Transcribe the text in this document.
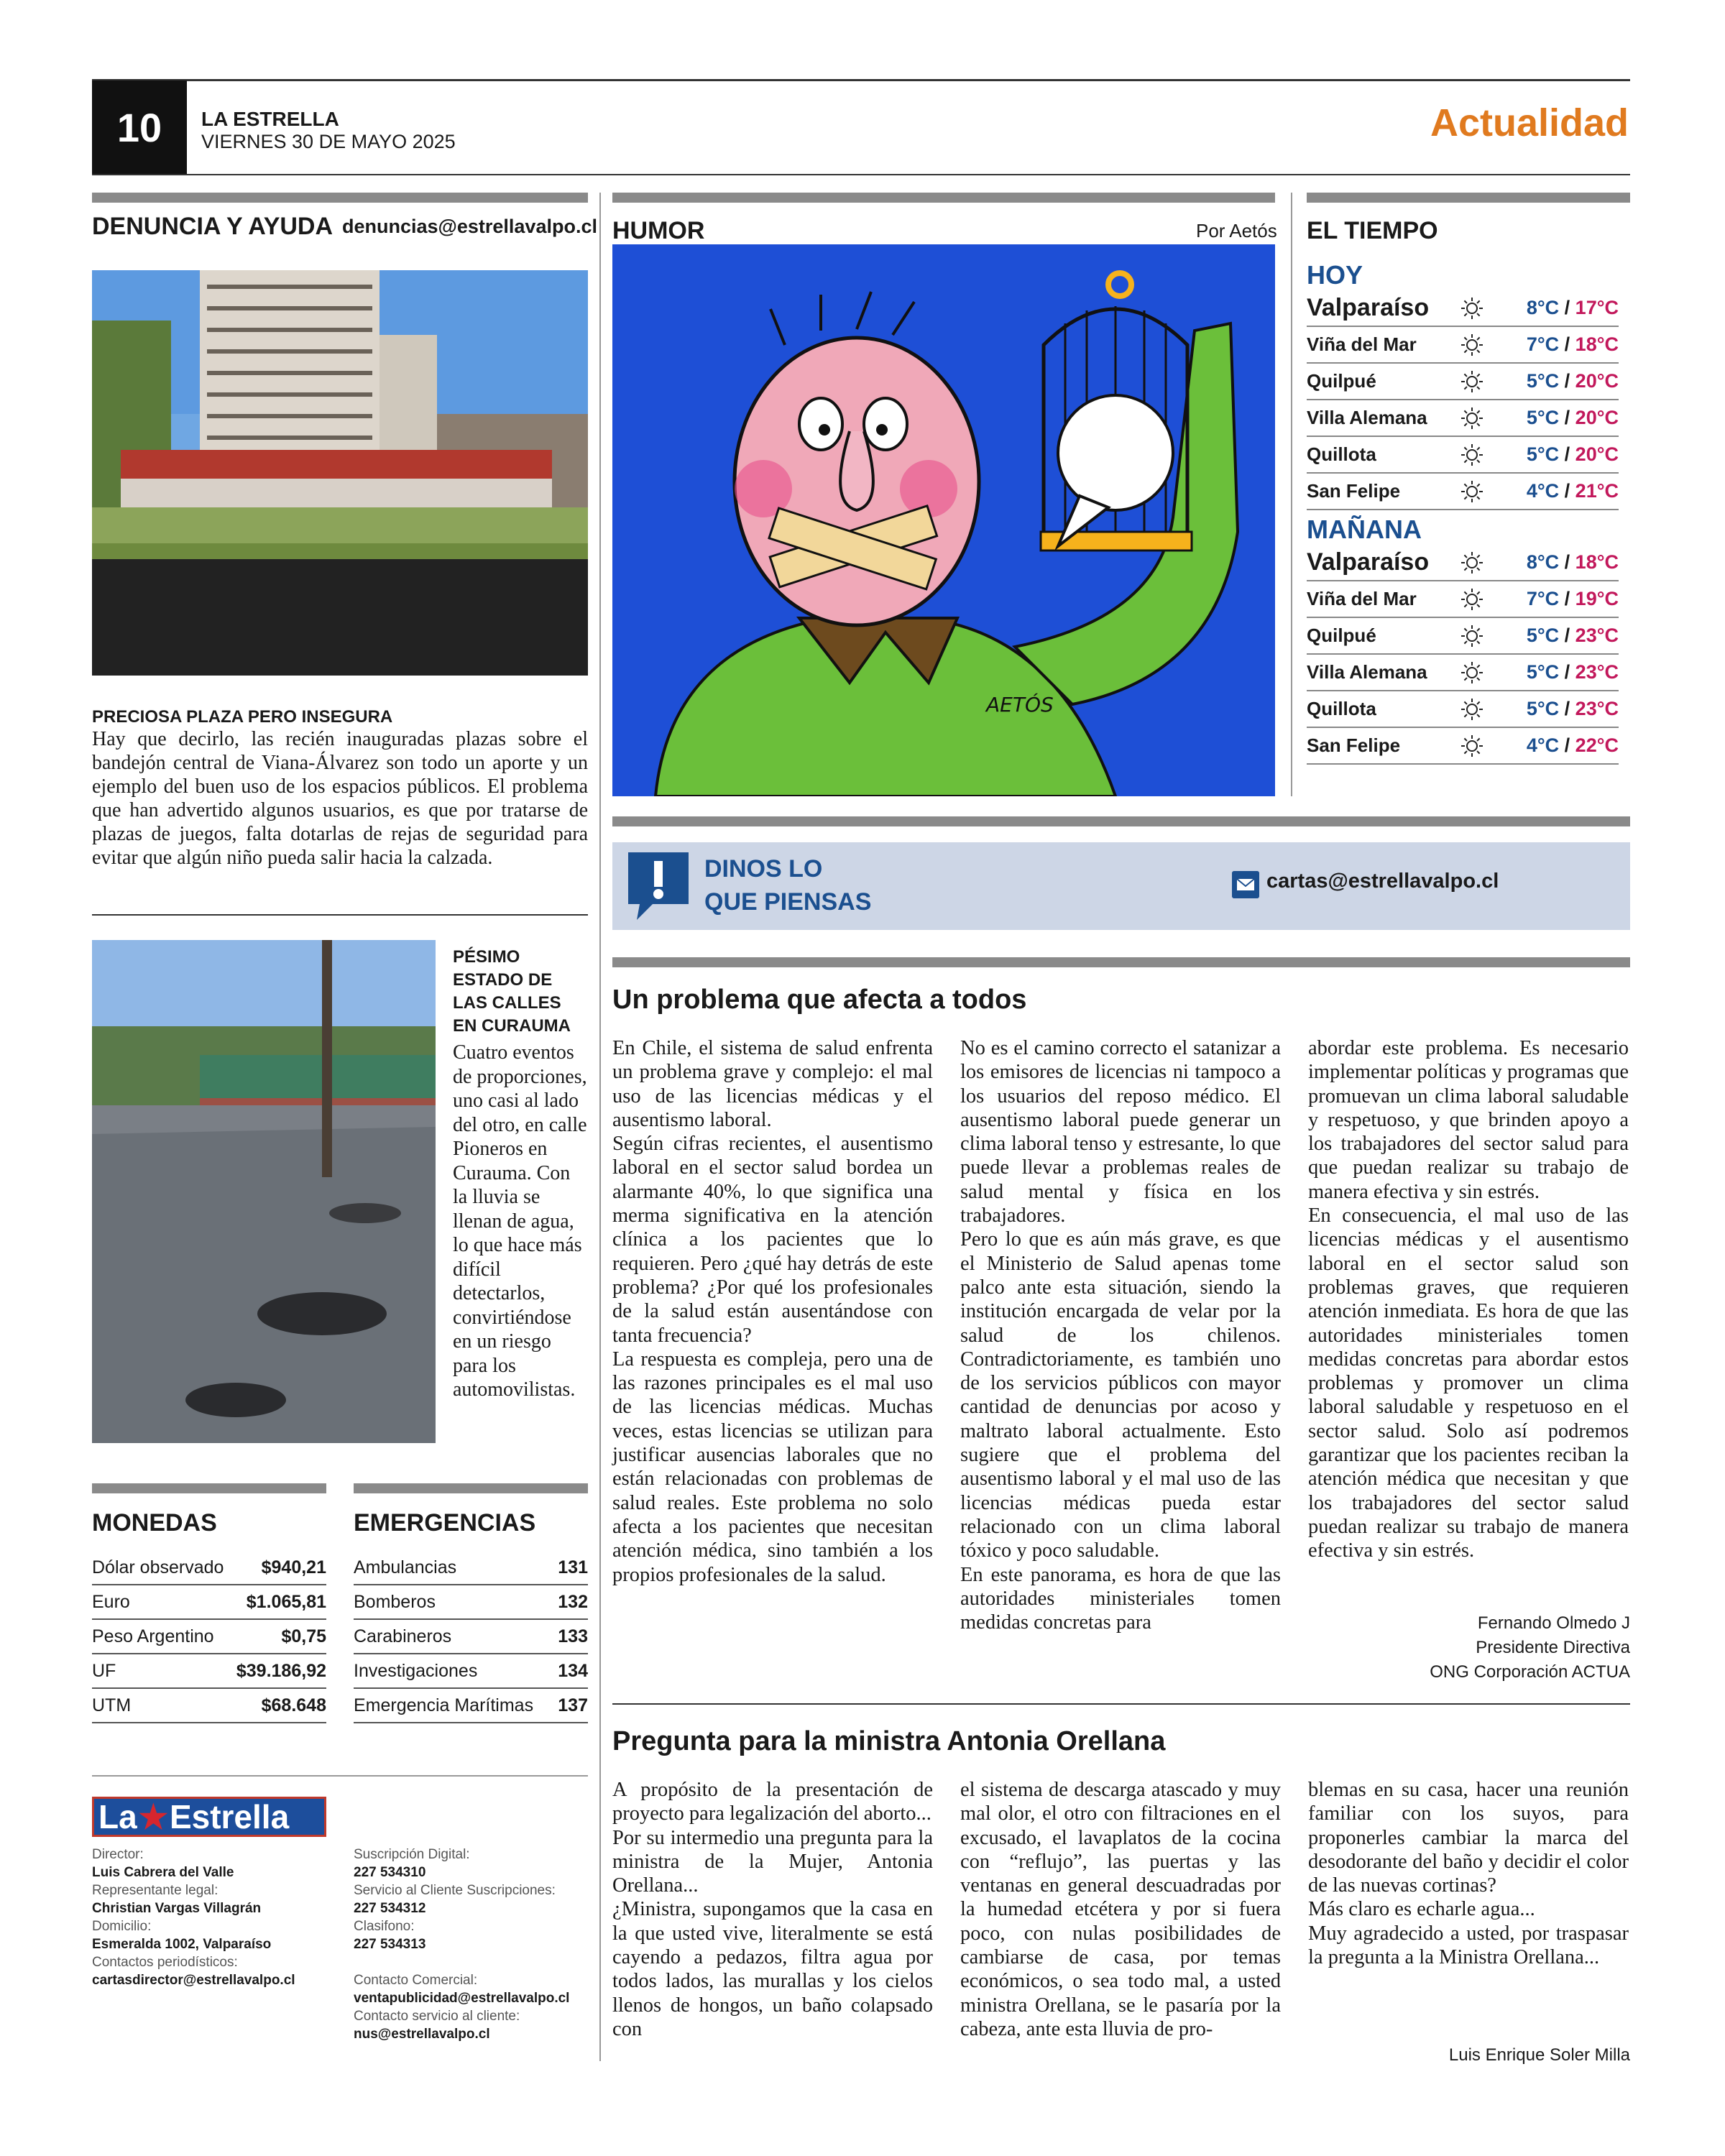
10	LA ESTRELLA
VIERNES 30 DE MAYO 2025	Actualidad
DENUNCIA Y AYUDA denuncias@estrellavalpo.cl
PRECIOSA PLAZA PERO INSEGURA
Hay que decirlo, las recién inauguradas plazas sobre el bandejón central de Viana-Álvarez son todo un aporte y un ejemplo del buen uso de los espacios públicos. El problema que han advertido algunos usuarios, es que por tratarse de plazas de juegos, falta dotarlas de rejas de seguridad para evitar que algún niño pueda salir hacia la calzada.
PÉSIMO ESTADO DE LAS CALLES EN CURAUMA
Cuatro eventos de proporciones, uno casi al lado del otro, en calle Pioneros en Curauma. Con la lluvia se llenan de agua, lo que hace más difícil detectarlos, convirtiéndose en un riesgo para los automovilistas.
MONEDAS	EMERGENCIAS
Dólar observado $940,21
Euro	$1.065,81
Peso Argentino	$0,75
UF	$39.186,92
UTM	$68.648
Ambulancias	131
Bomberos	132
Carabineros	133
Investigaciones	134
Emergencia Marítimas 137
La ★ Estrella
Director:
Luis Cabrera del Valle
Representante legal:
Christian Vargas Villagrán
Domicilio:
Esmeralda 1002, Valparaíso
Contactos periodísticos:
cartasdirector@estrellavalpo.cl
Suscripción Digital:
227 534310
Servicio al Cliente Suscripciones:
227 534312
Clasifono:
227 534313
Contacto Comercial:
ventapublicidad@estrellavalpo.cl
Contacto servicio al cliente:
nus@estrellavalpo.cl
HUMOR	Por Aetós
AETÓS
EL TIEMPO
HOY
Valparaíso	8°C / 17°C
Viña del Mar	7°C / 18°C
Quilpué	5°C / 20°C
Villa Alemana	5°C / 20°C
Quillota	5°C / 20°C
San Felipe	4°C / 21°C
MAÑANA
Valparaíso	8°C / 18°C
Viña del Mar	7°C / 19°C
Quilpué	5°C / 23°C
Villa Alemana	5°C / 23°C
Quillota	5°C / 23°C
San Felipe	4°C / 22°C
DINOS LO
QUE PIENSAS
cartas@estrellavalpo.cl
Un problema que afecta a todos

En Chile, el sistema de salud enfrenta un problema grave y complejo: el mal uso de las licencias médicas y el ausentismo laboral.

Según cifras recientes, el ausentismo laboral en el sector salud bordea un alarmante 40%, lo que significa una merma significativa en la atención clínica a los pacientes que lo requieren. Pero ¿qué hay detrás de este problema? ¿Por qué los profesionales de la salud están ausentándose con tanta frecuencia?

La respuesta es compleja, pero una de las razones principales es el mal uso de las licencias médicas. Muchas veces, estas licencias se utilizan para justificar ausencias laborales que no están relacionadas con problemas de salud reales. Este problema no solo afecta a los pacientes que necesitan atención médica, sino también a los propios profesionales de la salud.

No es el camino correcto el satanizar a los emisores de licencias ni tampoco a los usuarios del reposo médico. El ausentismo laboral puede generar un clima laboral tenso y estresante, lo que puede llevar a problemas reales de salud mental y física en los trabajadores.

Pero lo que es aún más grave, es que el Ministerio de Salud apenas tome palco ante esta situación, siendo la institución encargada de velar por la salud de los chilenos. Contradictoriamente, es también uno de los servicios públicos con mayor cantidad de denuncias por acoso y maltrato laboral actualmente. Esto sugiere que el problema del ausentismo laboral y el mal uso de las licencias médicas pueda estar relacionado con un clima laboral tóxico y poco saludable.

En este panorama, es hora de que las autoridades ministeriales tomen medidas concretas para

abordar este problema. Es necesario implementar políticas y programas que promuevan un clima laboral saludable y respetuoso, y que brinden apoyo a los trabajadores del sector salud para que puedan realizar su trabajo de manera efectiva y sin estrés.

En consecuencia, el mal uso de las licencias médicas y el ausentismo laboral en el sector salud son problemas graves, que requieren atención inmediata. Es hora de que las autoridades ministeriales tomen medidas concretas para abordar estos problemas y promover un clima laboral saludable y respetuoso en el sector salud. Solo así podremos garantizar que los pacientes reciban la atención médica que necesitan y que los trabajadores del sector salud puedan realizar su trabajo de manera efectiva y sin estrés.

Fernando Olmedo J
Presidente Directiva
ONG Corporación ACTUA
Pregunta para la ministra Antonia Orellana

A propósito de la presentación de proyecto para legalización del aborto...

Por su intermedio una pregunta para la ministra de la Mujer, Antonia Orellana...

¿Ministra, supongamos que la casa en la que usted vive, literalmente se está cayendo a pedazos, filtra agua por todos lados, las murallas y los cielos llenos de hongos, un baño colapsado con

el sistema de descarga atascado y muy mal olor, el otro con filtraciones en el excusado, el lavaplatos de la cocina con “reflujo”, las puertas y las ventanas en general descuadradas por la humedad etcétera y por si fuera poco, con nulas posibilidades de cambiarse de casa, por temas económicos, o sea todo mal, a usted ministra Orellana, se le pasaría por la cabeza, ante esta lluvia de pro-

blemas en su casa, hacer una reunión familiar con los suyos, para proponerles cambiar la marca del desodorante del baño y decidir el color de las nuevas cortinas?

Más claro es echarle agua...

Muy agradecido a usted, por traspasar la pregunta a la Ministra Orellana...

Luis Enrique Soler Milla
